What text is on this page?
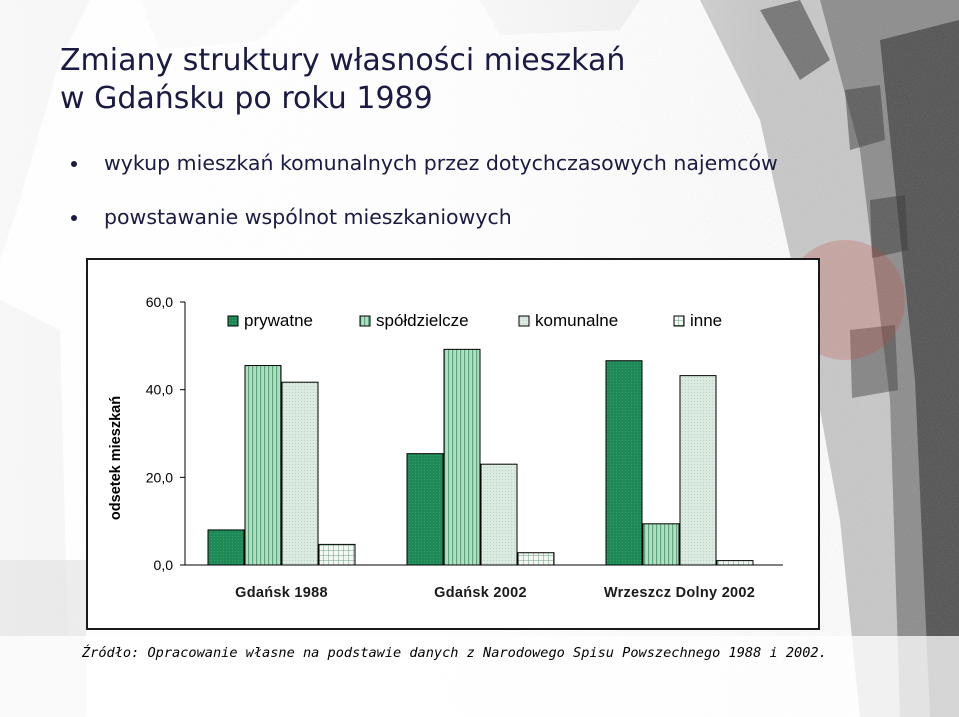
Zmiany struktury własności mieszkań
w Gdańsku po roku 1989
wykup mieszkań komunalnych przez dotychczasowych najemców
powstawanie wspólnot mieszkaniowych
0,0
20,0
40,0
60,0
Gdańsk 1988	Gdańsk 2002	Wrzeszcz Dolny 2002
prywatne	spółdzielcze	komunalne	inne
odsetek mieszkań
Źródło: Opracowanie własne na podstawie danych z Narodowego Spisu Powszechnego 1988 i 2002.
